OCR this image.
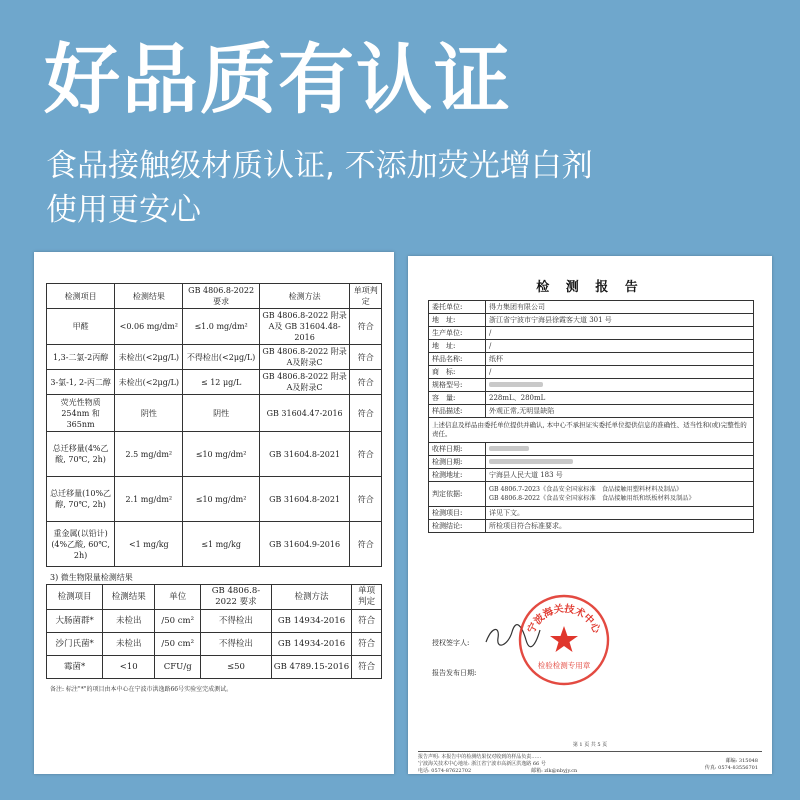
好品质有认证
食品接触级材质认证, 不添加荧光增白剂
使用更安心
检测项目	检测结果	GB 4806.8-2022 要求	检测方法	单项判定
甲醛	<0.06 mg/dm²	≤1.0 mg/dm²	GB 4806.8-2022 附录A及 GB 31604.48-2016	符合
1,3-二氯-2丙醇	未检出(<2μg/L)	不得检出(<2μg/L)	GB 4806.8-2022 附录A及附录C	符合
3-氯-1, 2-丙二醇	未检出(<2μg/L)	≤ 12 μg/L	GB 4806.8-2022 附录A及附录C	符合
荧光性物质254nm 和365nm	阴性	阴性	GB 31604.47-2016	符合
总迁移量(4%乙酸, 70℃, 2h)	2.5 mg/dm²	≤10 mg/dm²	GB 31604.8-2021	符合
总迁移量(10%乙醇, 70℃, 2h)	2.1 mg/dm²	≤10 mg/dm²	GB 31604.8-2021	符合
重金属(以铅计)(4%乙酸, 60℃, 2h)	<1 mg/kg	≤1 mg/kg	GB 31604.9-2016	符合
3) 微生物限量检测结果
检测项目	检测结果	单位	GB 4806.8-2022 要求	检测方法	单项判定
大肠菌群*	未检出	/50 cm²	不得检出	GB 14934-2016	符合
沙门氏菌*	未检出	/50 cm²	不得检出	GB 14934-2016	符合
霉菌*	<10	CFU/g	≤50	GB 4789.15-2016	符合
备注: 标注"*"的项目由本中心在宁波市洪逸路66号实验室完成测试。
检 测 报 告
委托单位:	得力集团有限公司
地　址:	浙江省宁波市宁海县徐霞客大道 301 号
生产单位:	/
地　址:	/
样品名称:	纸杯
商　标:	/
规格型号:	
容　量:	228mL、280mL
样品描述:	外观正常,无明显缺陷
上述信息及样品由委托单位提供并确认, 本中心不承担证实委托单位提供信息的准确性、适当性和(或)完整性的责任。	
收样日期:	
检测日期:	
检测地址:	宁海县人民大道 183 号
判定依据:	GB 4806.7-2023《食品安全国家标准　食品接触用塑料材料及制品》
GB 4806.8-2022《食品安全国家标准　食品接触用纸和纸板材料及制品》
检测项目:	详见下文。
检测结论:	所检项目符合标准要求。
授权签字人:
报告发布日期:
宁波海关技术中心
检验检测专用章
第 1 页 共 5 页
报告声明: 本报告中的检测结果仅对收到的样品负责……
宁波海关技术中心地址: 浙江省宁波市高新区洪逸路 66 号
电话: 0574-87622702　　　　　　　　　　　　邮箱: zlk@nbyjy.cn
邮编: 315048
传真: 0574-83556701
